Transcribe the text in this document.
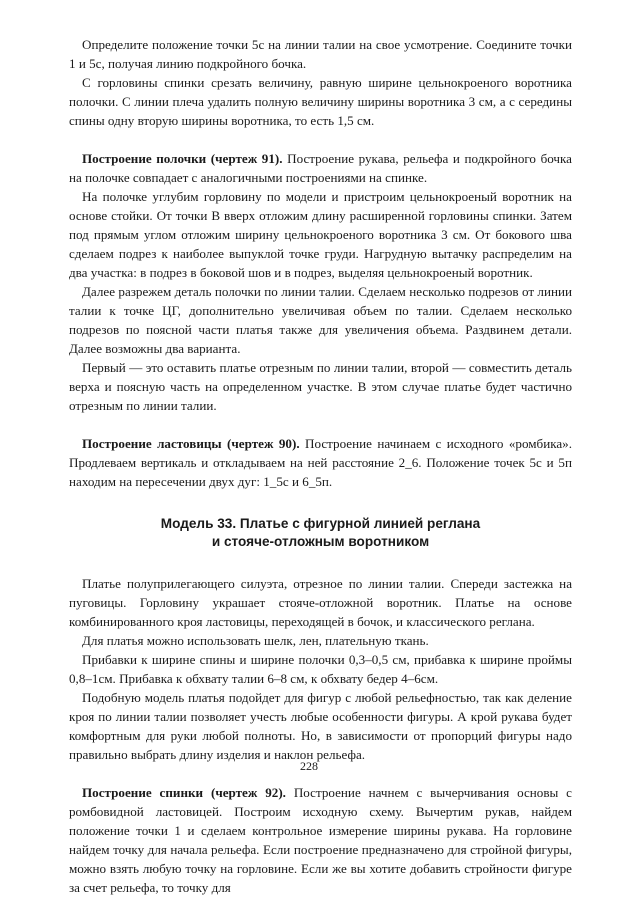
Определите положение точки 5с на линии талии на свое усмотрение. Соедините точки 1 и 5с, получая линию подкройного бочка.

С горловины спинки срезать величину, равную ширине цельнокроеного воротника полочки. С линии плеча удалить полную величину ширины воротника 3 см, а с середины спины одну вторую ширины воротника, то есть 1,5 см.

Построение полочки (чертеж 91). Построение рукава, рельефа и подкройного бочка на полочке совпадает с аналогичными построениями на спинке.

На полочке углубим горловину по модели и пристроим цельнокроеный воротник на основе стойки. От точки В вверх отложим длину расширенной горловины спинки. Затем под прямым углом отложим ширину цельнокроеного воротника 3 см. От бокового шва сделаем подрез к наиболее выпуклой точке груди. Нагрудную вытачку распределим на два участка: в подрез в боковой шов и в подрез, выделяя цельнокроеный воротник.

Далее разрежем деталь полочки по линии талии. Сделаем несколько подрезов от линии талии к точке ЦГ, дополнительно увеличивая объем по талии. Сделаем несколько подрезов по поясной части платья также для увеличения объема. Раздвинем детали. Далее возможны два варианта.

Первый — это оставить платье отрезным по линии талии, второй — совместить деталь верха и поясную часть на определенном участке. В этом случае платье будет частично отрезным по линии талии.

Построение ластовицы (чертеж 90). Построение начинаем с исходного «ромбика». Продлеваем вертикаль и откладываем на ней расстояние 2_6. Положение точек 5с и 5п находим на пересечении двух дуг: 1_5с и 6_5п.

Модель 33. Платье с фигурной линией реглана
и стояче-отложным воротником

Платье полуприлегающего силуэта, отрезное по линии талии. Спереди застежка на пуговицы. Горловину украшает стояче-отложной воротник. Платье на основе комбинированного кроя ластовицы, переходящей в бочок, и классического реглана.

Для платья можно использовать шелк, лен, плательную ткань.

Прибавки к ширине спины и ширине полочки 0,3–0,5 см, прибавка к ширине проймы 0,8–1см. Прибавка к обхвату талии 6–8 см, к обхвату бедер 4–6см.

Подобную модель платья подойдет для фигур с любой рельефностью, так как деление кроя по линии талии позволяет учесть любые особенности фигуры. А крой рукава будет комфортным для руки любой полноты. Но, в зависимости от пропорций фигуры надо правильно выбрать длину изделия и наклон рельефа.

Построение спинки (чертеж 92). Построение начнем с вычерчивания основы с ромбовидной ластовицей. Построим исходную схему. Вычертим рукав, найдем положение точки 1 и сделаем контрольное измерение ширины рукава. На горловине найдем точку для начала рельефа. Если построение предназначено для стройной фигуры, можно взять любую точку на горловине. Если же вы хотите добавить стройности фигуре за счет рельефа, то точку для

228
